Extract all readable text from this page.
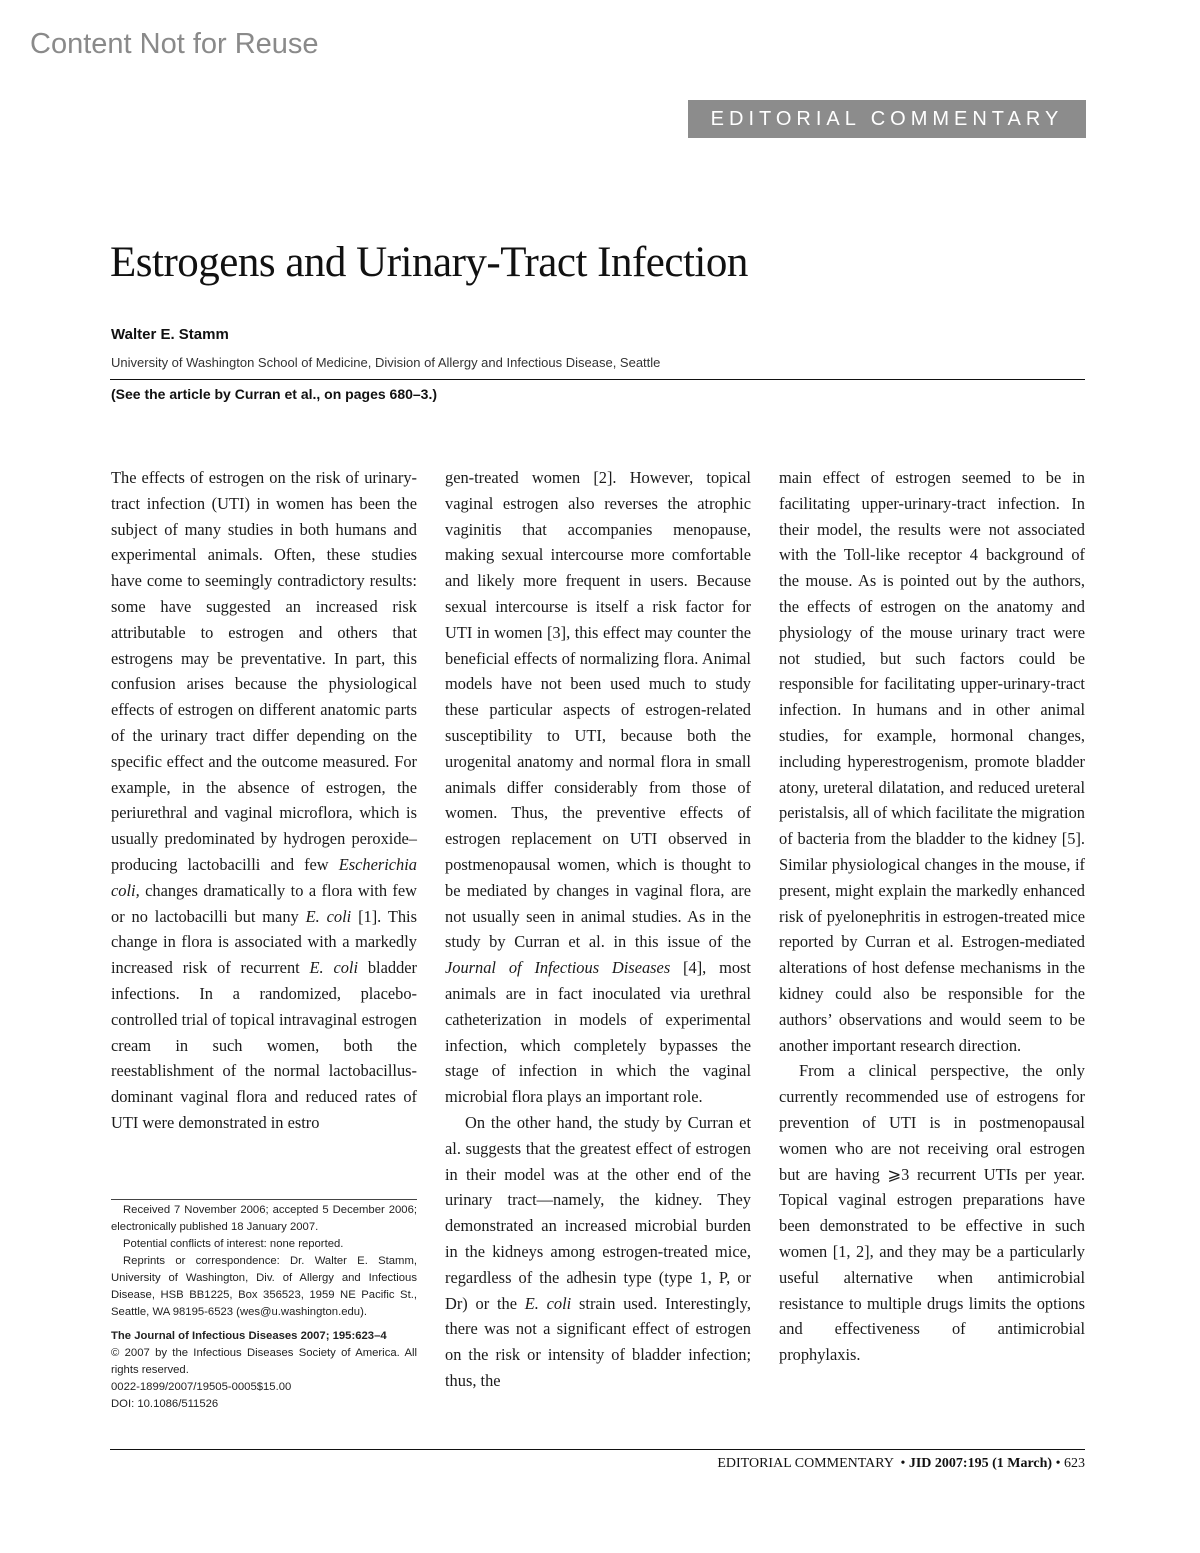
Content Not for Reuse
EDITORIAL COMMENTARY
Estrogens and Urinary-Tract Infection
Walter E. Stamm
University of Washington School of Medicine, Division of Allergy and Infectious Disease, Seattle
(See the article by Curran et al., on pages 680–3.)

The effects of estrogen on the risk of urinary-tract infection (UTI) in women has been the subject of many studies in both humans and experimental animals. Often, these studies have come to seemingly contradictory results: some have suggested an increased risk attributable to estrogen and others that estrogens may be preventative. In part, this confusion arises because the physiological effects of estrogen on different anatomic parts of the urinary tract differ depending on the specific effect and the outcome measured. For example, in the absence of estrogen, the periurethral and vaginal microflora, which is usually predominated by hydrogen peroxide–producing lactobacilli and few Escherichia coli, changes dramatically to a flora with few or no lactobacilli but many E. coli [1]. This change in flora is associated with a markedly increased risk of recurrent E. coli bladder infections. In a randomized, placebo-controlled trial of topical intravaginal estrogen cream in such women, both the reestablishment of the normal lactobacillus-dominant vaginal flora and reduced rates of UTI were demonstrated in estro

gen-treated women [2]. However, topical vaginal estrogen also reverses the atrophic vaginitis that accompanies menopause, making sexual intercourse more comfortable and likely more frequent in users. Because sexual intercourse is itself a risk factor for UTI in women [3], this effect may counter the beneficial effects of normalizing flora. Animal models have not been used much to study these particular aspects of estrogen-related susceptibility to UTI, because both the urogenital anatomy and normal flora in small animals differ considerably from those of women. Thus, the preventive effects of estrogen replacement on UTI observed in postmenopausal women, which is thought to be mediated by changes in vaginal flora, are not usually seen in animal studies. As in the study by Curran et al. in this issue of the Journal of Infectious Diseases [4], most animals are in fact inoculated via urethral catheterization in models of experimental infection, which completely bypasses the stage of infection in which the vaginal microbial flora plays an important role.

On the other hand, the study by Curran et al. suggests that the greatest effect of estrogen in their model was at the other end of the urinary tract—namely, the kidney. They demonstrated an increased microbial burden in the kidneys among estrogen-treated mice, regardless of the adhesin type (type 1, P, or Dr) or the E. coli strain used. Interestingly, there was not a significant effect of estrogen on the risk or intensity of bladder infection; thus, the

main effect of estrogen seemed to be in facilitating upper-urinary-tract infection. In their model, the results were not associated with the Toll-like receptor 4 background of the mouse. As is pointed out by the authors, the effects of estrogen on the anatomy and physiology of the mouse urinary tract were not studied, but such factors could be responsible for facilitating upper-urinary-tract infection. In humans and in other animal studies, for example, hormonal changes, including hyperestrogenism, promote bladder atony, ureteral dilatation, and reduced ureteral peristalsis, all of which facilitate the migration of bacteria from the bladder to the kidney [5]. Similar physiological changes in the mouse, if present, might explain the markedly enhanced risk of pyelonephritis in estrogen-treated mice reported by Curran et al. Estrogen-mediated alterations of host defense mechanisms in the kidney could also be responsible for the authors’ observations and would seem to be another important research direction.

From a clinical perspective, the only currently recommended use of estrogens for prevention of UTI is in postmenopausal women who are not receiving oral estrogen but are having ⩾3 recurrent UTIs per year. Topical vaginal estrogen preparations have been demonstrated to be effective in such women [1, 2], and they may be a particularly useful alternative when antimicrobial resistance to multiple drugs limits the options and effectiveness of antimicrobial prophylaxis.

Received 7 November 2006; accepted 5 December 2006; electronically published 18 January 2007.

Potential conflicts of interest: none reported.

Reprints or correspondence: Dr. Walter E. Stamm, University of Washington, Div. of Allergy and Infectious Disease, HSB BB1225, Box 356523, 1959 NE Pacific St., Seattle, WA 98195-6523 (wes@u.washington.edu).

The Journal of Infectious Diseases 2007; 195:623–4

© 2007 by the Infectious Diseases Society of America. All rights reserved.

0022-1899/2007/19505-0005$15.00

DOI: 10.1086/511526

EDITORIAL COMMENTARY • JID 2007:195 (1 March) • 623
